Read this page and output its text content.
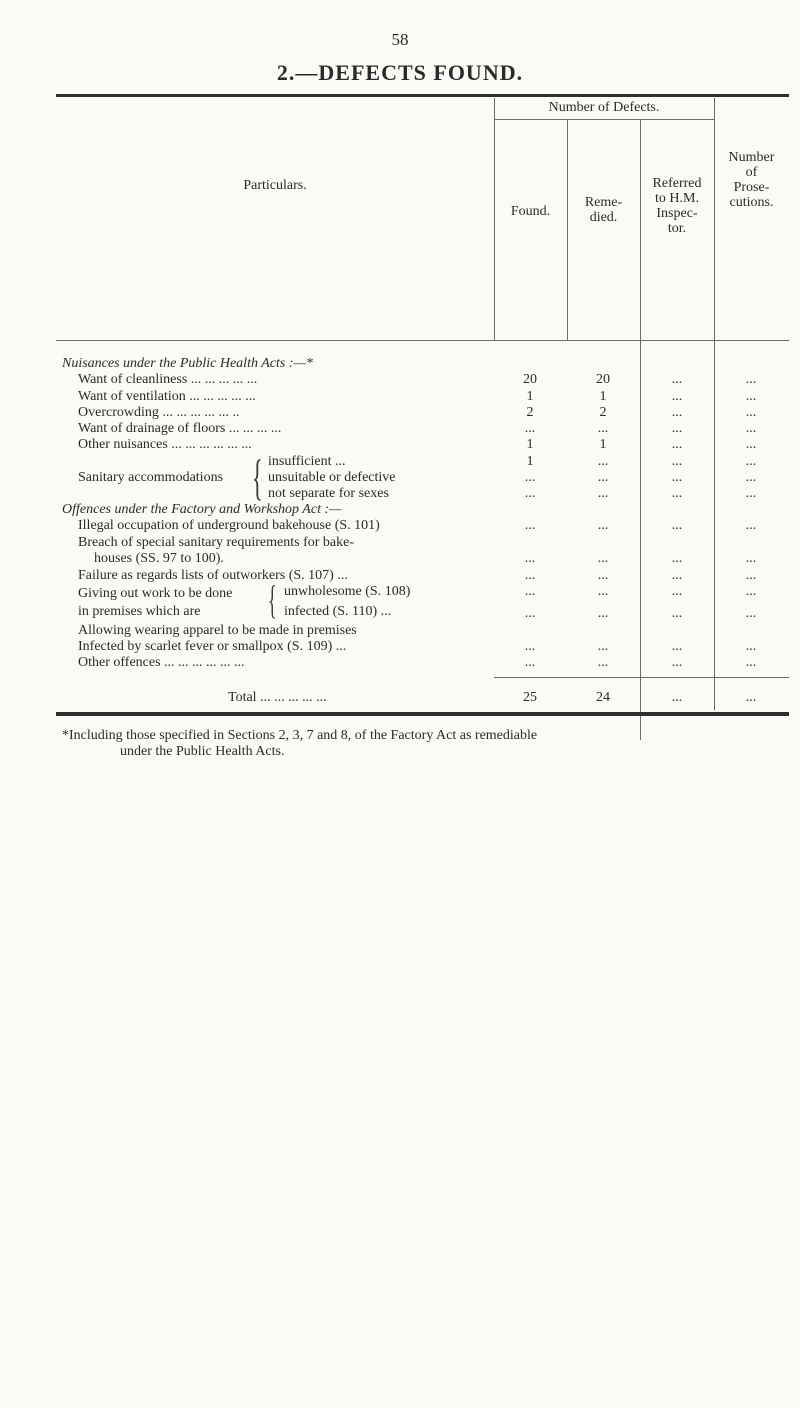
58
2.—DEFECTS FOUND.
Particulars.
Number of Defects.
Found.
Reme-
died.
Referred
to H.M.
Inspec-
tor.
Number
of
Prose-
cutions.
Nuisances under the Public Health Acts :—*
Want of cleanliness ... ... ... ... ...	20	20	...	...
Want of ventilation ... ... ... ... ...	1	1	...	...
Overcrowding ... ... ... ... ... ..	2	2	...	...
Want of drainage of floors ... ... ... ...	...	...	...	...
Other nuisances ... ... ... ... ... ...	1	1	...	...
Sanitary accommodations { insufficient ...	1	...	...	...
unsuitable or defective	...	...	...	...
not separate for sexes	...	...	...	...
Offences under the Factory and Workshop Act :—
Illegal occupation of underground bakehouse (S. 101)	...	...	...	...
Breach of special sanitary requirements for bake-
houses (SS. 97 to 100).	...	...	...	...
Failure as regards lists of outworkers (S. 107) ...	...	...	...	...
Giving out work to be done
in premises which are { unwholesome (S. 108)	...	...	...	...
infected (S. 110) ...	...	...	...	...
Allowing wearing apparel to be made in premises
Infected by scarlet fever or smallpox (S. 109) ...	...	...	...	...
Other offences ... ... ... ... ... ...	...	...	...	...
Total ... ... ... ... ...	25	24	...	...
*Including those specified in Sections 2, 3, 7 and 8, of the Factory Act as remediable
under the Public Health Acts.
